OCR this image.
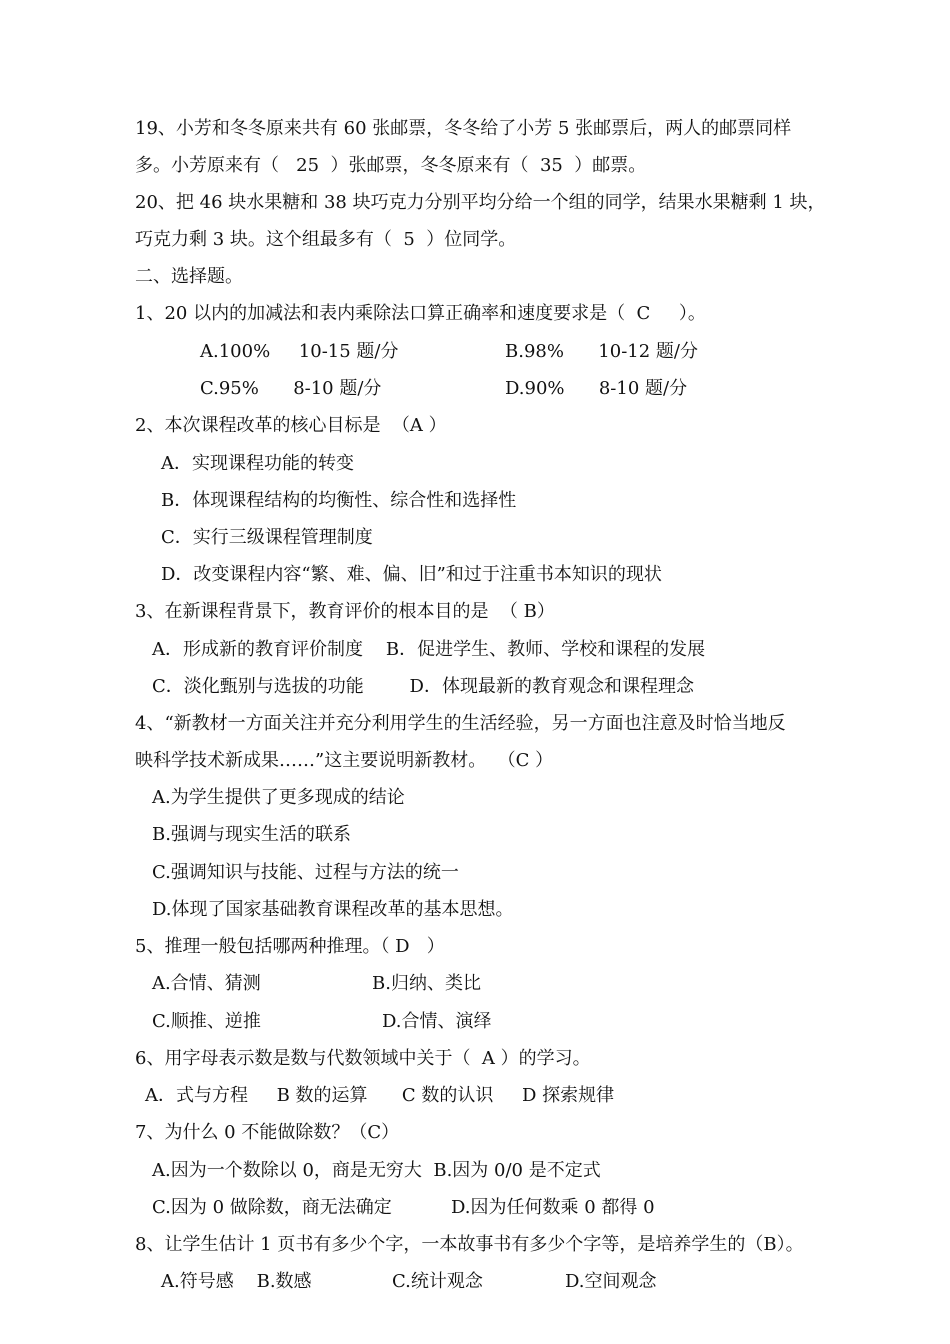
19、小芳和冬冬原来共有 60 张邮票，冬冬给了小芳 5 张邮票后，两人的邮票同样
多。小芳原来有（   25  ）张邮票，冬冬原来有（  35  ）邮票。
20、把 46 块水果糖和 38 块巧克力分别平均分给一个组的同学，结果水果糖剩 1 块，
巧克力剩 3 块。这个组最多有（  5  ）位同学。
二、选择题。
1、20 以内的加减法和表内乘除法口算正确率和速度要求是（  C     ）。
A.100%     10-15 题/分	B.98%      10-12 题/分
C.95%      8-10 题/分	D.90%      8-10 题/分
2、本次课程改革的核心目标是  （A ）
A．实现课程功能的转变
B．体现课程结构的均衡性、综合性和选择性
C．实行三级课程管理制度
D．改变课程内容“繁、难、偏、旧”和过于注重书本知识的现状
3、在新课程背景下，教育评价的根本目的是  （ B）
A．形成新的教育评价制度    B．促进学生、教师、学校和课程的发展
C．淡化甄别与选拔的功能        D．体现最新的教育观念和课程理念
4、“新教材一方面关注并充分利用学生的生活经验，另一方面也注意及时恰当地反
映科学技术新成果……”这主要说明新教材。  （C ）
A.为学生提供了更多现成的结论
B.强调与现实生活的联系
C.强调知识与技能、过程与方法的统一
D.体现了国家基础教育课程改革的基本思想。
5、推理一般包括哪两种推理。（ D   ）
A.合情、猜测	B.归纳、类比
C.顺推、逆推	D.合情、演绎
6、用字母表示数是数与代数领域中关于（  A ）的学习。
A．式与方程     B 数的运算      C 数的认识     D 探索规律
7、为什么 0 不能做除数？（C）
A.因为一个数除以 0，商是无穷大  B.因为 0/0 是不定式
C.因为 0 做除数，商无法确定	D.因为任何数乘 0 都得 0
8、让学生估计 1 页书有多少个字，一本故事书有多少个字等，是培养学生的（B）。
A.符号感    B.数感	C.统计观念	D.空间观念
